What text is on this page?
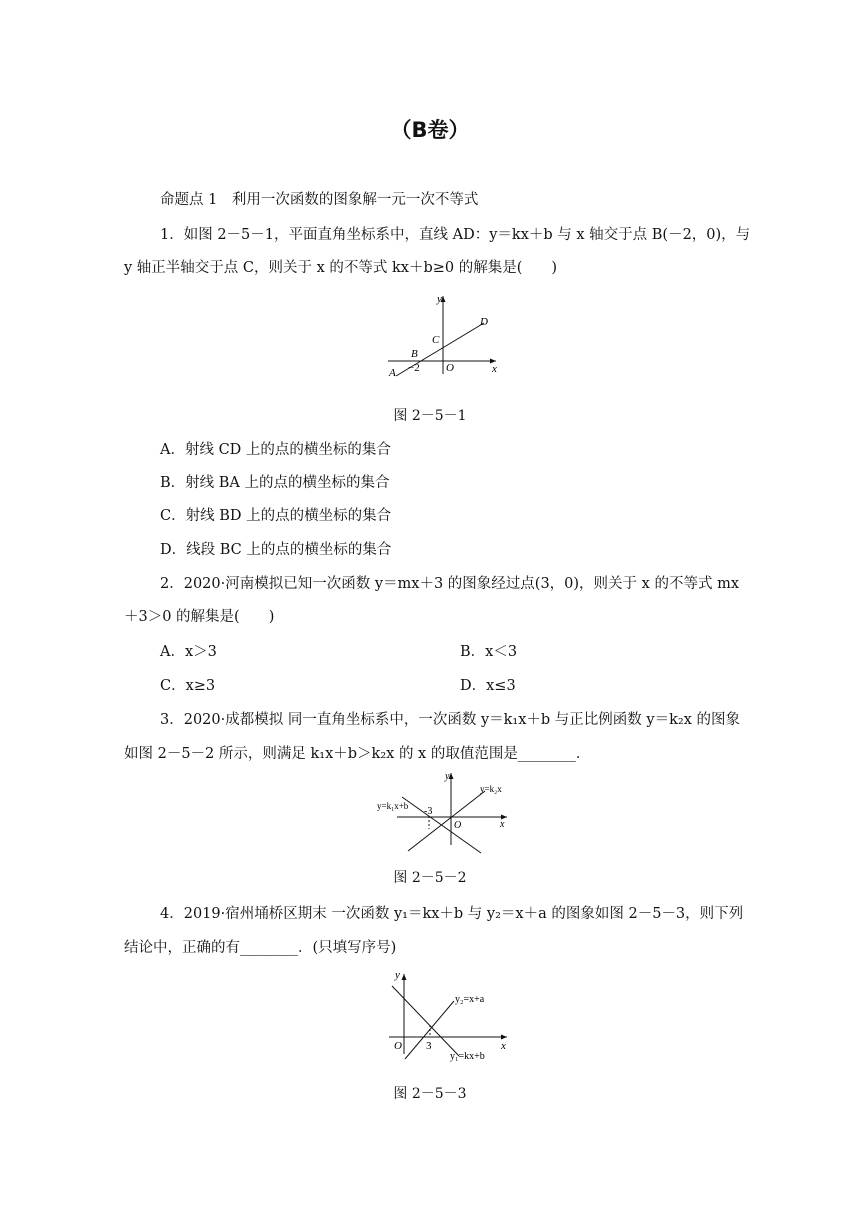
（B卷）
命题点 1　利用一次函数的图象解一元一次不等式
1．如图 2－5－1，平面直角坐标系中，直线 AD：y＝kx＋b 与 x 轴交于点 B(－2，0)，与
y 轴正半轴交于点 C，则关于 x 的不等式 kx＋b≥0 的解集是(　　)
y
x
D
C
B
A −2 O
图 2－5－1
A．射线 CD 上的点的横坐标的集合
B．射线 BA 上的点的横坐标的集合
C．射线 BD 上的点的横坐标的集合
D．线段 BC 上的点的横坐标的集合
2．2020·河南模拟已知一次函数 y＝mx＋3 的图象经过点(3，0)，则关于 x 的不等式 mx
＋3＞0 的解集是(　　)
A．x＞3	B．x＜3
C．x≥3	D．x≤3
3．2020·成都模拟 同一直角坐标系中，一次函数 y＝k₁x＋b 与正比例函数 y＝k₂x 的图象
如图 2－5－2 所示，则满足 k₁x＋b＞k₂x 的 x 的取值范围是________．
y
x
y=k₁x+b
y=k₂x
-3
O
图 2－5－2
4．2019·宿州埇桥区期末 一次函数 y₁＝kx＋b 与 y₂＝x＋a 的图象如图 2－5－3，则下列
结论中，正确的有________．(只填写序号)
y
x
y₂=x+a
y₁=kx+b
3
O
图 2－5－3
